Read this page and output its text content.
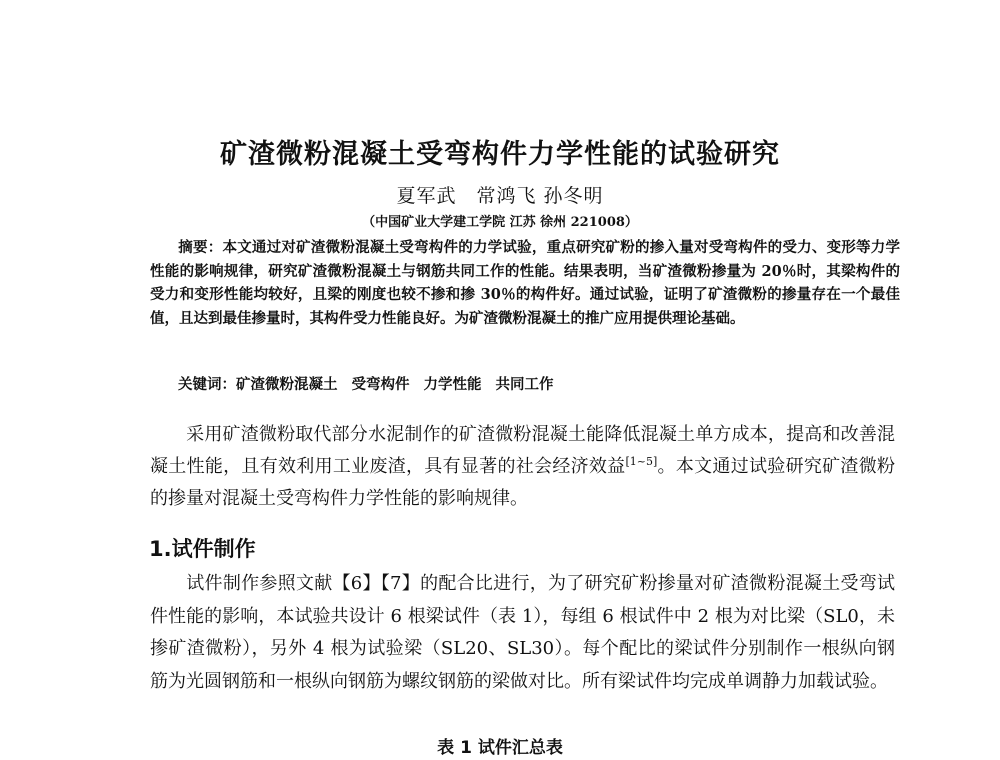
矿渣微粉混凝土受弯构件力学性能的试验研究
夏军武　常鸿飞 孙冬明
（中国矿业大学建工学院 江苏 徐州 221008）
摘要：本文通过对矿渣微粉混凝土受弯构件的力学试验，重点研究矿粉的掺入量对受弯构件的受力、变形等力学性能的影响规律，研究矿渣微粉混凝土与钢筋共同工作的性能。结果表明，当矿渣微粉掺量为 20％时，其梁构件的受力和变形性能均较好，且梁的刚度也较不掺和掺 30％的构件好。通过试验，证明了矿渣微粉的掺量存在一个最佳值，且达到最佳掺量时，其构件受力性能良好。为矿渣微粉混凝土的推广应用提供理论基础。
关键词：矿渣微粉混凝土 受弯构件 力学性能 共同工作
采用矿渣微粉取代部分水泥制作的矿渣微粉混凝土能降低混凝土单方成本，提高和改善混凝土性能，且有效利用工业废渣，具有显著的社会经济效益[1~5]。本文通过试验研究矿渣微粉的掺量对混凝土受弯构件力学性能的影响规律。
1.试件制作
试件制作参照文献【6】【7】的配合比进行，为了研究矿粉掺量对矿渣微粉混凝土受弯试件性能的影响，本试验共设计 6 根梁试件（表 1），每组 6 根试件中 2 根为对比梁（SL0，未掺矿渣微粉），另外 4 根为试验梁（SL20、SL30）。每个配比的梁试件分别制作一根纵向钢筋为光圆钢筋和一根纵向钢筋为螺纹钢筋的梁做对比。所有梁试件均完成单调静力加载试验。
表 1 试件汇总表
